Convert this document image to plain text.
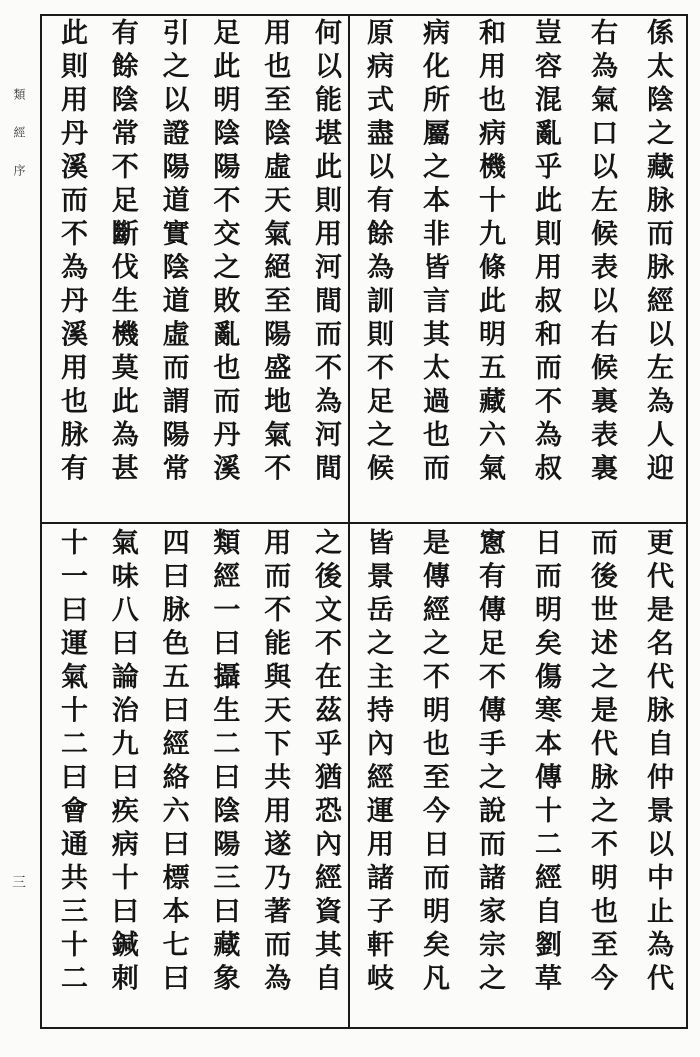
類經序
三
係太陰之藏脉而脉經以左為人迎
右為氣口以左候表以右候裏表裏
豈容混亂乎此則用叔和而不為叔
和用也病機十九條此明五藏六氣
病化所屬之本非皆言其太過也而
原病式盡以有餘為訓則不足之候
何以能堪此則用河間而不為河間
用也至陰虛天氣絕至陽盛地氣不
足此明陰陽不交之敗亂也而丹溪
引之以證陽道實陰道虛而謂陽常
有餘陰常不足斷伐生機莫此為甚
此則用丹溪而不為丹溪用也脉有
更代是名代脉自仲景以中止為代
而後世述之是代脉之不明也至今
日而明矣傷寒本傳十二經自劉草
窻有傳足不傳手之說而諸家宗之
是傳經之不明也至今日而明矣凡
皆景岳之主持內經運用諸子軒岐
之後文不在茲乎猶恐內經資其自
用而不能與天下共用遂乃著而為
類經一曰攝生二曰陰陽三曰藏象
四曰脉色五曰經絡六曰標本七曰
氣味八曰論治九曰疾病十曰鍼刺
十一曰運氣十二曰會通共三十二
